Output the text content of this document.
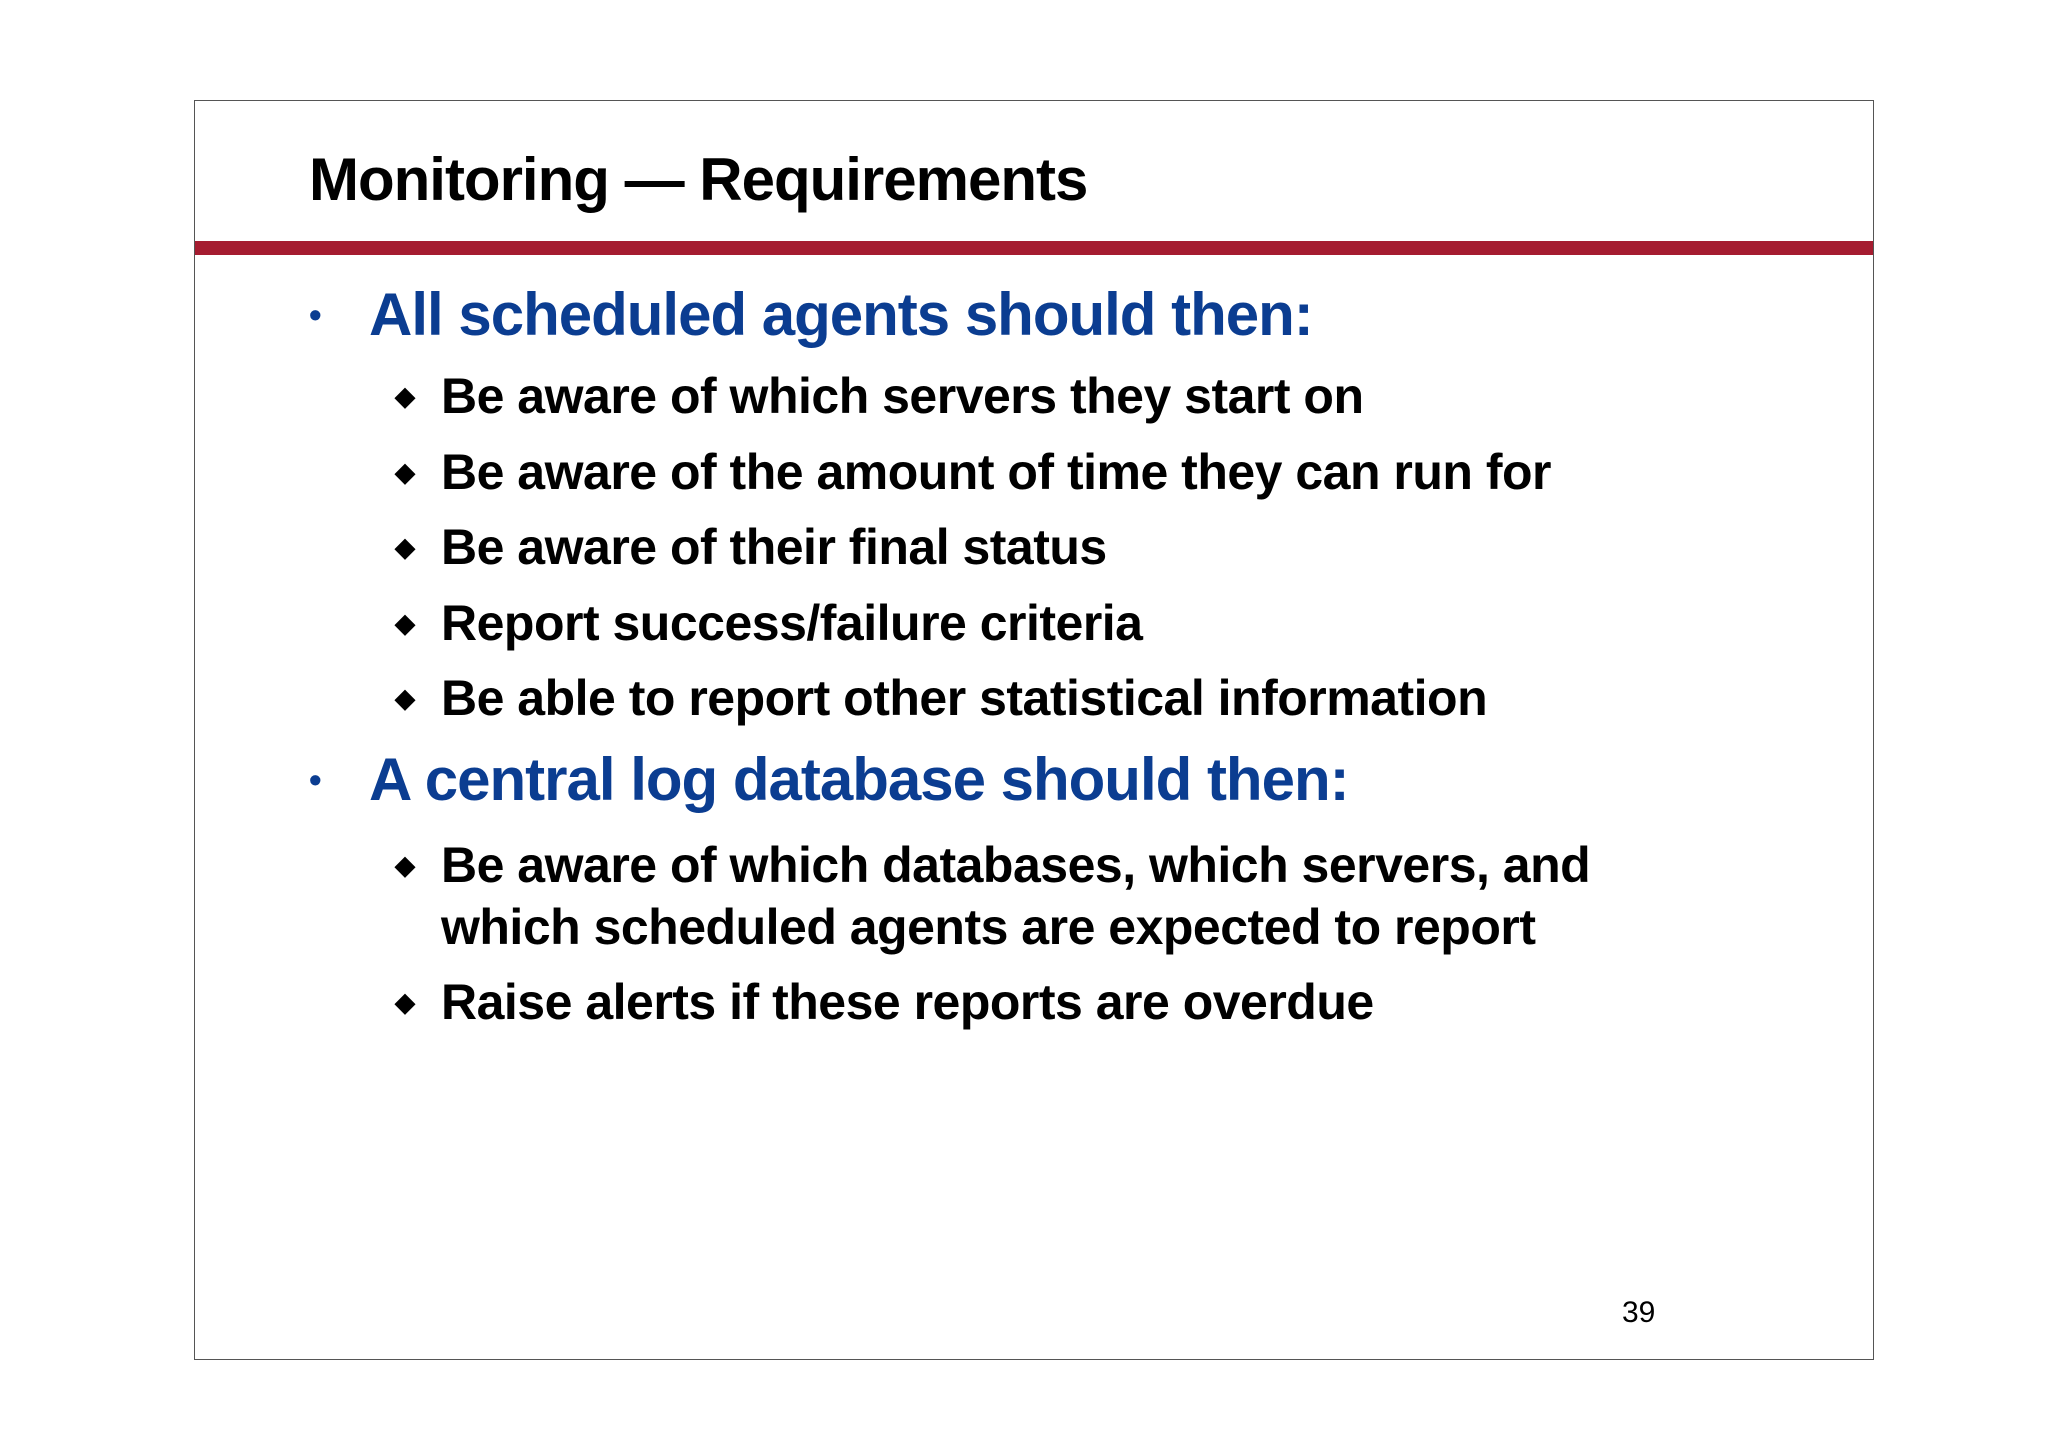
Monitoring — Requirements
• All scheduled agents should then:
◆ Be aware of which servers they start on
◆ Be aware of the amount of time they can run for
◆ Be aware of their final status
◆ Report success/failure criteria
◆ Be able to report other statistical information
• A central log database should then:
◆ Be aware of which databases, which servers, and which scheduled agents are expected to report
◆ Raise alerts if these reports are overdue
39
